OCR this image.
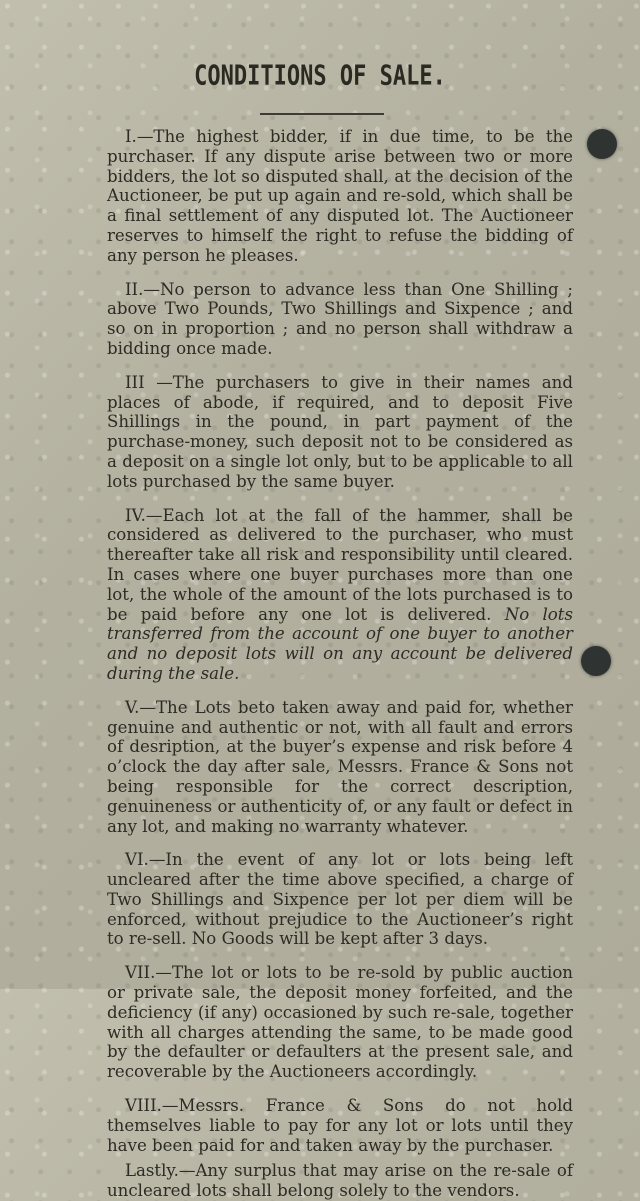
CONDITIONS OF SALE.

I.—The highest bidder, if in due time, to be the purchaser. If any dispute arise between two or more bidders, the lot so disputed shall, at the decision of the Auctioneer, be put up again and re-sold, which shall be a final settlement of any disputed lot. The Auctioneer reserves to himself the right to refuse the bidding of any person he pleases.

II.—No person to advance less than One Shilling ; above Two Pounds, Two Shillings and Sixpence ; and so on in proportion ; and no person shall withdraw a bidding once made.

III —The purchasers to give in their names and places of abode, if required, and to deposit Five Shillings in the pound, in part payment of the purchase-money, such deposit not to be considered as a deposit on a single lot only, but to be applicable to all lots purchased by the same buyer.

IV.—Each lot at the fall of the hammer, shall be considered as delivered to the purchaser, who must thereafter take all risk and responsibility until cleared. In cases where one buyer purchases more than one lot, the whole of the amount of the lots purchased is to be paid before any one lot is delivered. No lots transferred from the account of one buyer to another and no deposit lots will on any account be delivered during the sale.

V.—The Lots beto taken away and paid for, whether genuine and authentic or not, with all fault and errors of desription, at the buyer’s expense and risk before 4 o’clock the day after sale, Messrs. France & Sons not being responsible for the correct description, genuineness or authenticity of, or any fault or defect in any lot, and making no warranty whatever.

VI.—In the event of any lot or lots being left uncleared after the time above specified, a charge of Two Shillings and Sixpence per lot per diem will be enforced, without prejudice to the Auctioneer’s right to re-sell. No Goods will be kept after 3 days.

VII.—The lot or lots to be re-sold by public auction or private sale, the deposit money forfeited, and the deficiency (if any) occasioned by such re-sale, together with all charges attending the same, to be made good by the defaulter or defaulters at the present sale, and recoverable by the Auctioneers accordingly.

VIII.—Messrs. France & Sons do not hold themselves liable to pay for any lot or lots until they have been paid for and taken away by the purchaser.

Lastly.—Any surplus that may arise on the re-sale of uncleared lots shall belong solely to the vendors.
